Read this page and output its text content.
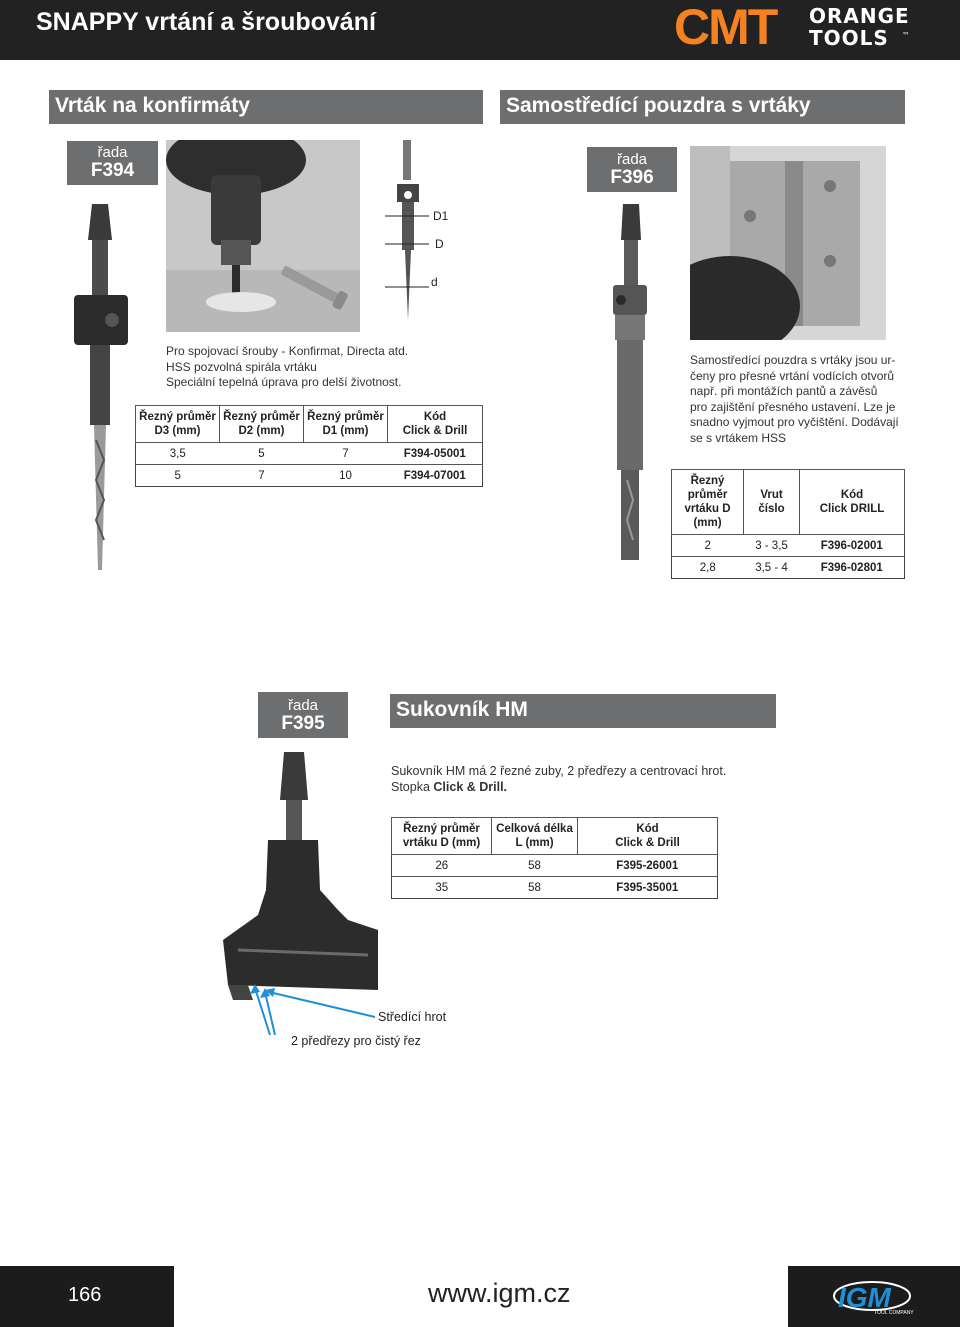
SNAPPY vrtání a šroubování	CMT ORANGE
TOOLS ™
Vrták na konfirmáty
řada
F394
D1
D
d
Pro spojovací šrouby - Konfirmat, Directa atd.
HSS pozvolná spirála vrtáku
Speciální tepelná úprava pro delší životnost.
Řezný průměr
D3 (mm)	Řezný průměr
D2 (mm)	Řezný průměr
D1 (mm)	Kód
Click & Drill
3,5	5	7	F394-05001
5	7	10	F394-07001
Samostředící pouzdra s vrtáky
řada
F396
Samostředící pouzdra s vrtáky jsou ur-
čeny pro přesné vrtání vodících otvorů
např. při montážích pantů a závěsů
pro zajištění přesného ustavení. Lze je
snadno vyjmout pro vyčištění. Dodávají
se s vrtákem HSS
Řezný
průměr
vrtáku D
(mm)	Vrut
číslo	Kód
Click DRILL
2	3 - 3,5	F396-02001
2,8	3,5 - 4	F396-02801
řada
F395
Sukovník HM
Sukovník HM má 2 řezné zuby, 2 předřezy a centrovací hrot.
Stopka Click & Drill.
Řezný průměr
vrtáku D (mm)	Celková délka
L (mm)	Kód
Click & Drill
26	58	F395-26001
35	58	F395-35001
Středící hrot
2 předřezy pro čistý řez
166	www.igm.cz	IGM
TOOL COMPANY
